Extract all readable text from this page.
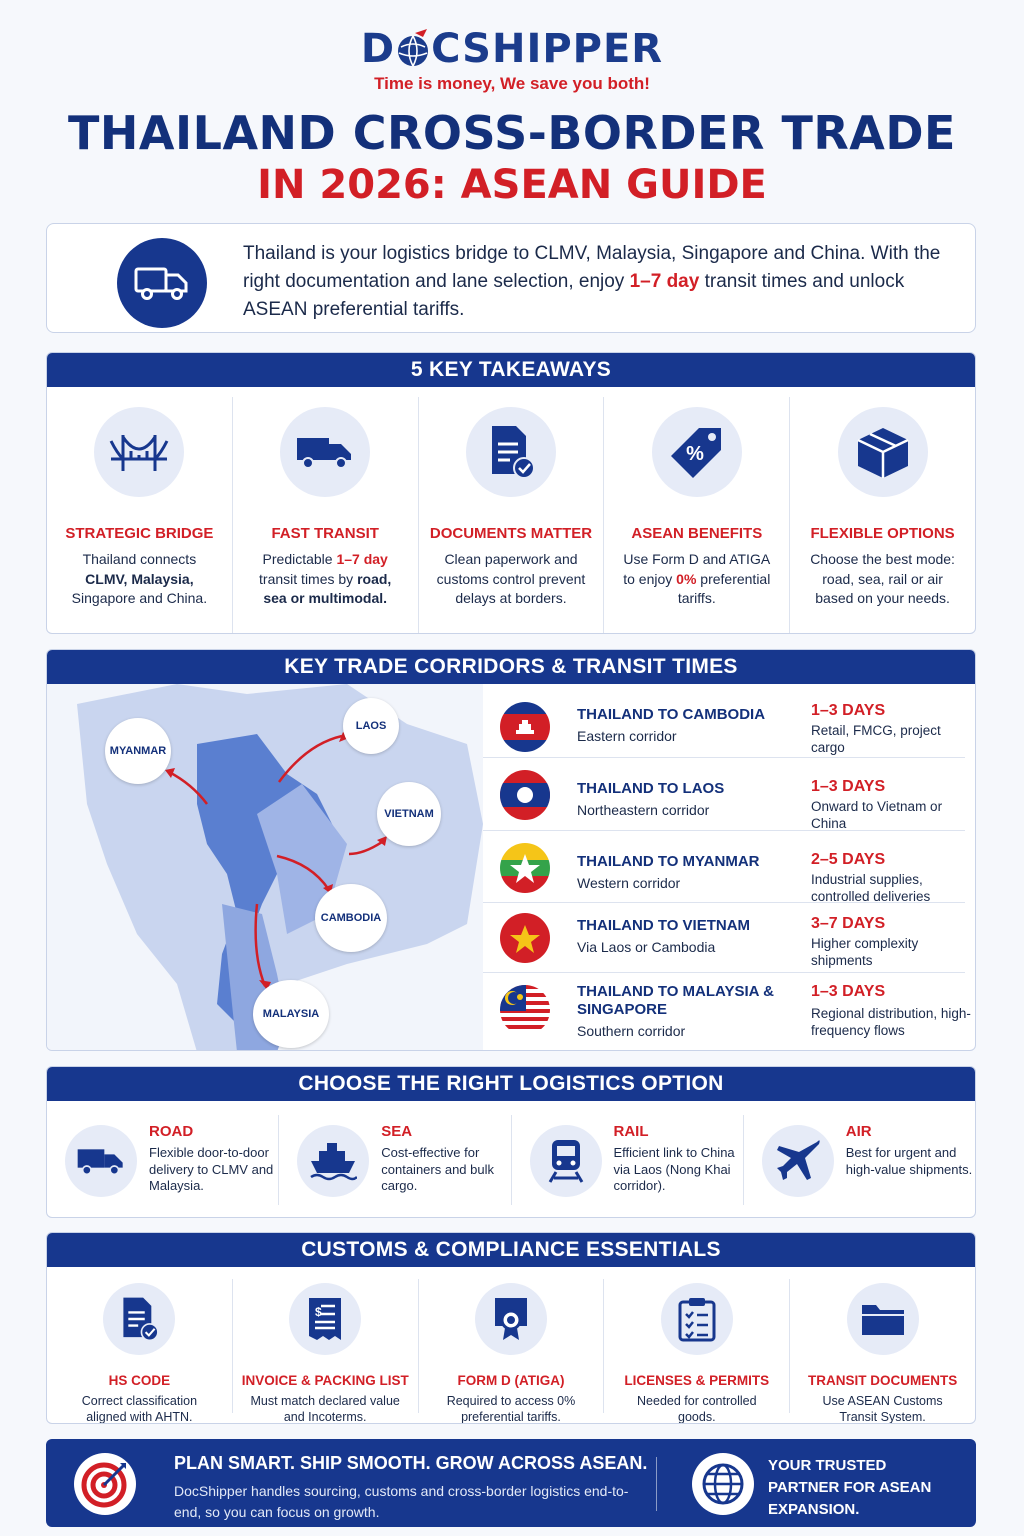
D CSHIPPER
Time is money, We save you both!
THAILAND CROSS-BORDER TRADE
IN 2026: ASEAN GUIDE
Thailand is your logistics bridge to CLMV, Malaysia, Singapore and China. With the right documentation and lane selection, enjoy 1–7 day transit times and unlock ASEAN preferential tariffs.
5 KEY TAKEAWAYS
STRATEGIC BRIDGE
Thailand connects CLMV, Malaysia, Singapore and China.
FAST TRANSIT
Predictable 1–7 day transit times by road, sea or multimodal.
DOCUMENTS MATTER
Clean paperwork and customs control prevent delays at borders.
%
ASEAN BENEFITS
Use Form D and ATIGA to enjoy 0% preferential tariffs.
FLEXIBLE OPTIONS
Choose the best mode: road, sea, rail or air based on your needs.
KEY TRADE CORRIDORS & TRANSIT TIMES
MYANMAR
LAOS
VIETNAM
CAMBODIA
MALAYSIA
THAILAND TO CAMBODIA
Eastern corridor
1–3 DAYS
Retail, FMCG, project cargo
THAILAND TO LAOS
Northeastern corridor
1–3 DAYS
Onward to Vietnam or China
THAILAND TO MYANMAR
Western corridor
2–5 DAYS
Industrial supplies, controlled deliveries
THAILAND TO VIETNAM
Via Laos or Cambodia
3–7 DAYS
Higher complexity shipments
THAILAND TO MALAYSIA & SINGAPORE
Southern corridor
1–3 DAYS
Regional distribution, high-frequency flows
CHOOSE THE RIGHT LOGISTICS OPTION
ROAD
Flexible door-to-door delivery to CLMV and Malaysia.
SEA
Cost-effective for containers and bulk cargo.
RAIL
Efficient link to China via Laos (Nong Khai corridor).
AIR
Best for urgent and high-value shipments.
CUSTOMS & COMPLIANCE ESSENTIALS
HS CODE
Correct classification aligned with AHTN.
$
INVOICE & PACKING LIST
Must match declared value and Incoterms.
FORM D (ATIGA)
Required to access 0% preferential tariffs.
LICENSES & PERMITS
Needed for controlled goods.
TRANSIT DOCUMENTS
Use ASEAN Customs Transit System.
PLAN SMART. SHIP SMOOTH. GROW ACROSS ASEAN.
DocShipper handles sourcing, customs and cross-border logistics end-to-end, so you can focus on growth.
YOUR TRUSTED PARTNER FOR ASEAN EXPANSION.
